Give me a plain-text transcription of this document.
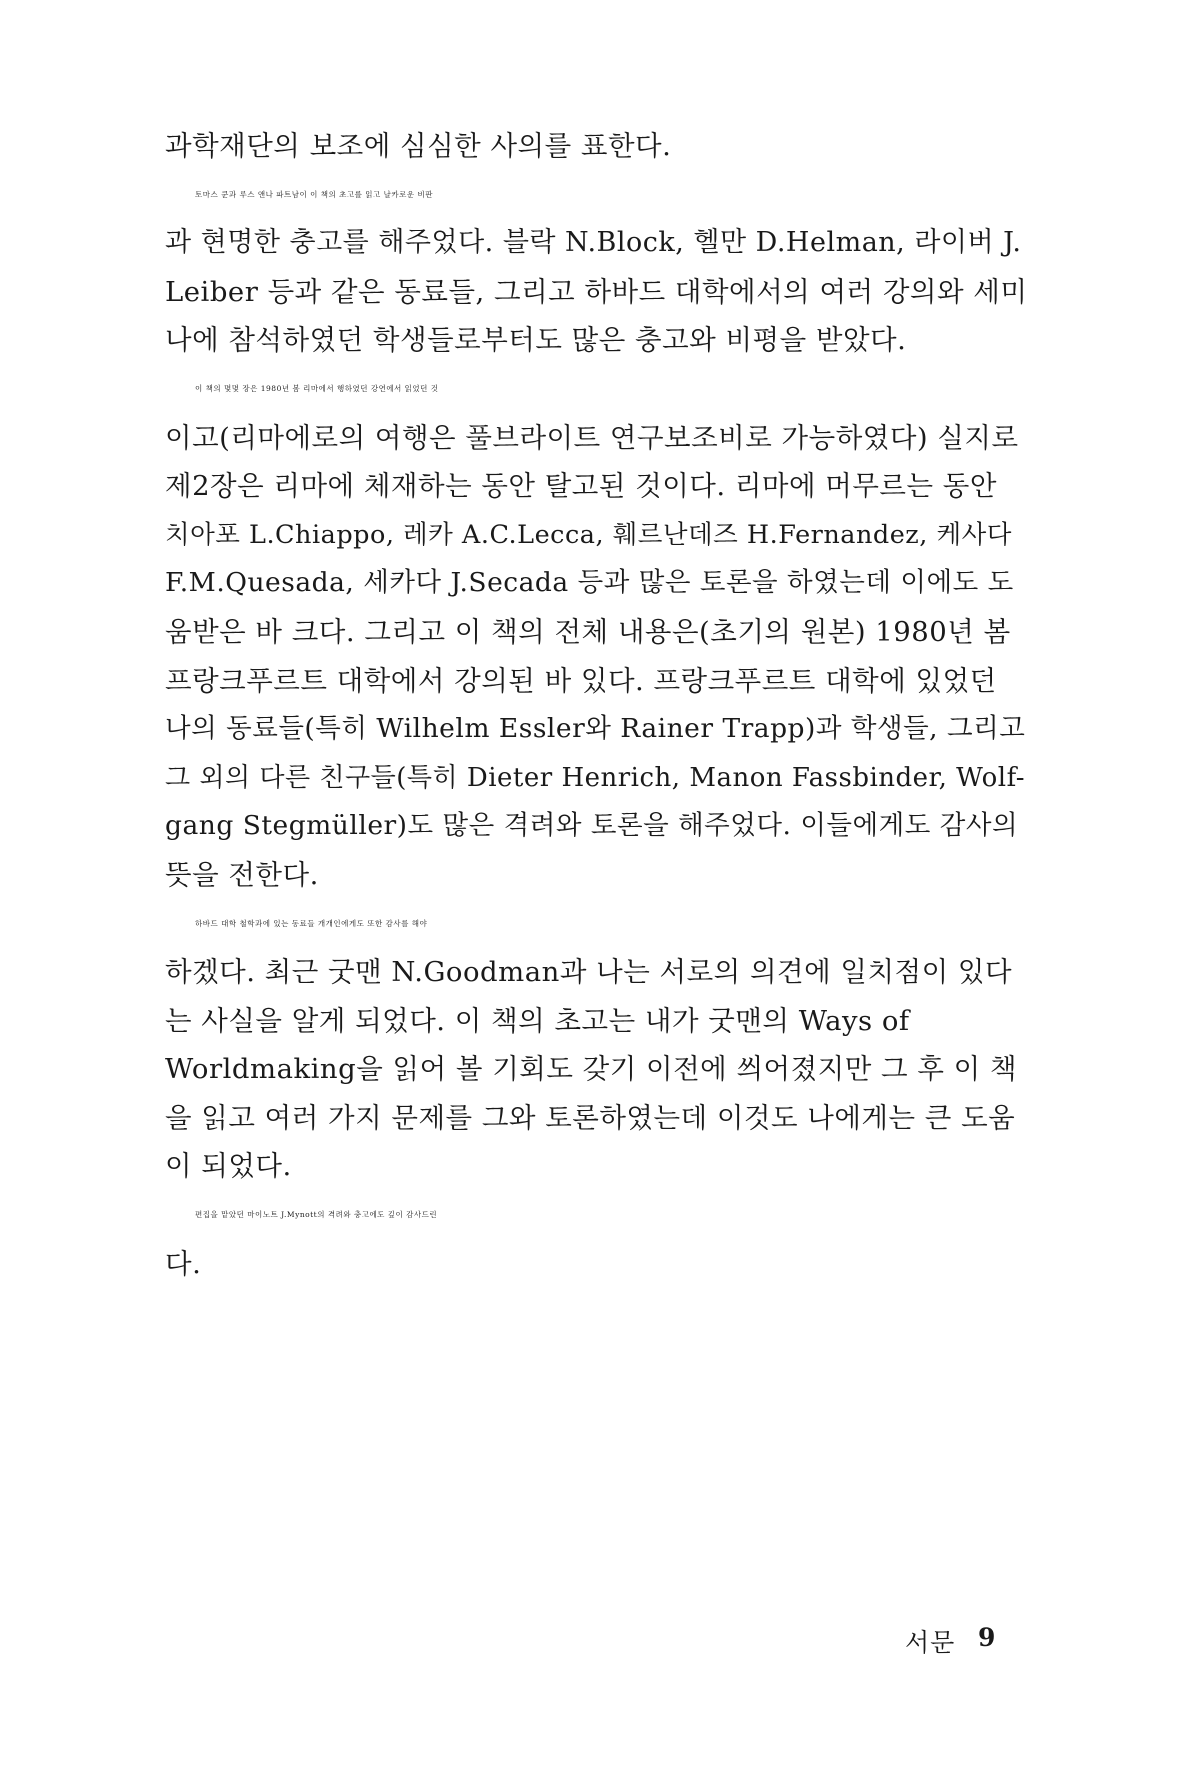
과학재단의 보조에 심심한 사의를 표한다.

토마스 쿤과 루스 앤나 파트남이 이 책의 초고를 읽고 날카로운 비판
과 현명한 충고를 해주었다. 블락 N.Block, 헬만 D.Helman, 라이버 J.
Leiber 등과 같은 동료들, 그리고 하바드 대학에서의 여러 강의와 세미
나에 참석하였던 학생들로부터도 많은 충고와 비평을 받았다.

이 책의 몇몇 장은 1980년 봄 리마에서 행하였던 강연에서 읽었던 것
이고(리마에로의 여행은 풀브라이트 연구보조비로 가능하였다) 실지로
제2장은 리마에 체재하는 동안 탈고된 것이다. 리마에 머무르는 동안
치아포 L.Chiappo, 레카 A.C.Lecca, 훼르난데즈 H.Fernandez, 케사다
F.M.Quesada, 세카다 J.Secada 등과 많은 토론을 하였는데 이에도 도
움받은 바 크다. 그리고 이 책의 전체 내용은(초기의 원본) 1980년 봄
프랑크푸르트 대학에서 강의된 바 있다. 프랑크푸르트 대학에 있었던
나의 동료들(특히 Wilhelm Essler와 Rainer Trapp)과 학생들, 그리고
그 외의 다른 친구들(특히 Dieter Henrich, Manon Fassbinder, Wolf-
gang Stegmüller)도 많은 격려와 토론을 해주었다. 이들에게도 감사의
뜻을 전한다.

하바드 대학 철학과에 있는 동료들 개개인에게도 또한 감사를 해야
하겠다. 최근 굿맨 N.Goodman과 나는 서로의 의견에 일치점이 있다
는 사실을 알게 되었다. 이 책의 초고는 내가 굿맨의 Ways of
Worldmaking을 읽어 볼 기회도 갖기 이전에 씌어졌지만 그 후 이 책
을 읽고 여러 가지 문제를 그와 토론하였는데 이것도 나에게는 큰 도움
이 되었다.

편집을 맡았던 마이노트 J.Mynott의 격려와 충고에도 깊이 감사드린
다.

서문 9
